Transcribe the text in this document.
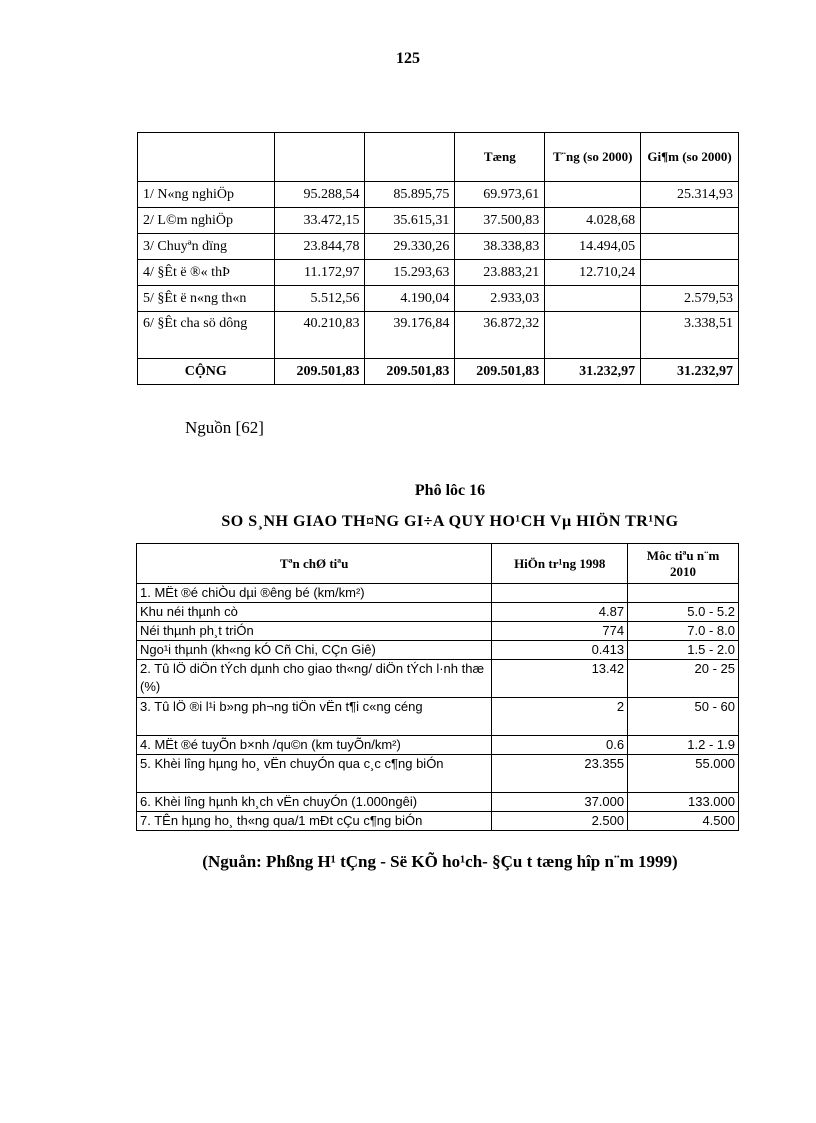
125
			Tæng	T¨ng (so 2000)	Gi¶m (so 2000)
1/ N«ng nghiÖp	95.288,54	85.895,75	69.973,61		25.314,93
2/ L©m nghiÖp	33.472,15	35.615,31	37.500,83	4.028,68	
3/ Chuyªn dïng	23.844,78	29.330,26	38.338,83	14.494,05	
4/ §Êt ë ®« thÞ	11.172,97	15.293,63	23.883,21	12.710,24	
5/ §Êt ë n«ng th«n	5.512,56	4.190,04	2.933,03		2.579,53
6/ §Êt cha sö dông	40.210,83	39.176,84	36.872,32		3.338,51
CỘNG	209.501,83	209.501,83	209.501,83	31.232,97	31.232,97
Nguồn [62]
Phô lôc 16
SO S¸NH GIAO TH¤NG GI÷A QUY HO¹CH Vµ HIÖN TR¹NG
Tªn chØ tiªu	HiÖn tr¹ng 1998	Môc tiªu n¨m 2010
1. MËt ®é chiÒu dµi ®êng bé (km/km²)		
Khu néi thµnh cò	4.87	5.0 - 5.2
Néi thµnh ph¸t triÓn	774	7.0 - 8.0
Ngo¹i thµnh (kh«ng kÓ Cñ Chi, CÇn Giê)	0.413	1.5 - 2.0
2. Tû lÖ diÖn tÝch dµnh cho giao th«ng/ diÖn tÝch l·nh thæ (%)	13.42	20 - 25
3. Tû lÖ ®i l¹i b»ng ph¬ng tiÖn vËn t¶i c«ng céng	2	50 - 60
4. MËt ®é tuyÕn b×nh /qu©n (km tuyÕn/km²)	0.6	1.2 - 1.9
5. Khèi lîng hµng ho¸ vËn chuyÓn qua c¸c c¶ng biÓn	23.355	55.000
6. Khèi lîng hµnh kh¸ch vËn chuyÓn (1.000ngêi)	37.000	133.000
7. TÊn hµng ho¸ th«ng qua/1 mÐt cÇu c¶ng biÓn	2.500	4.500
(Nguån: Phßng H¹ tÇng - Së KÕ ho¹ch- §Çu t tæng hîp n¨m 1999)
